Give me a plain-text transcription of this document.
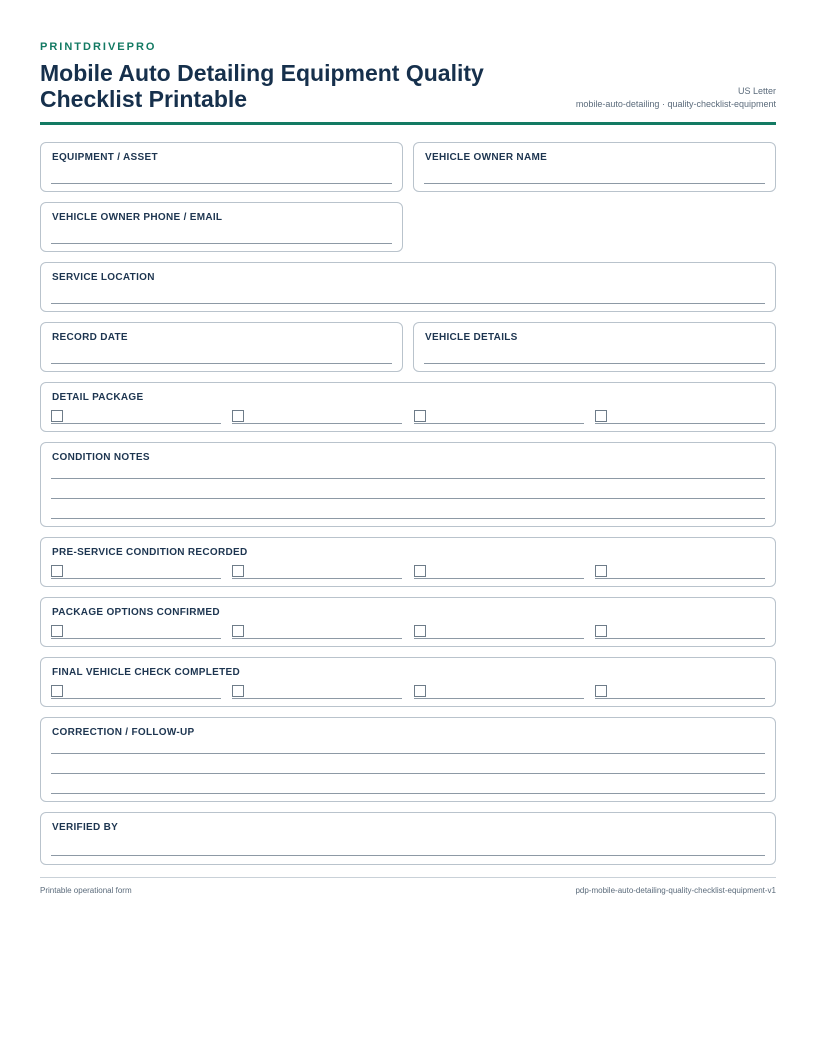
PRINTDRIVEPRO
Mobile Auto Detailing Equipment Quality Checklist Printable	US Letter
mobile-auto-detailing · quality-checklist-equipment
EQUIPMENT / ASSET	VEHICLE OWNER NAME
VEHICLE OWNER PHONE / EMAIL
SERVICE LOCATION
RECORD DATE	VEHICLE DETAILS
DETAIL PACKAGE
CONDITION NOTES
PRE-SERVICE CONDITION RECORDED
PACKAGE OPTIONS CONFIRMED
FINAL VEHICLE CHECK COMPLETED
CORRECTION / FOLLOW-UP
VERIFIED BY
Printable operational form	pdp-mobile-auto-detailing-quality-checklist-equipment-v1
